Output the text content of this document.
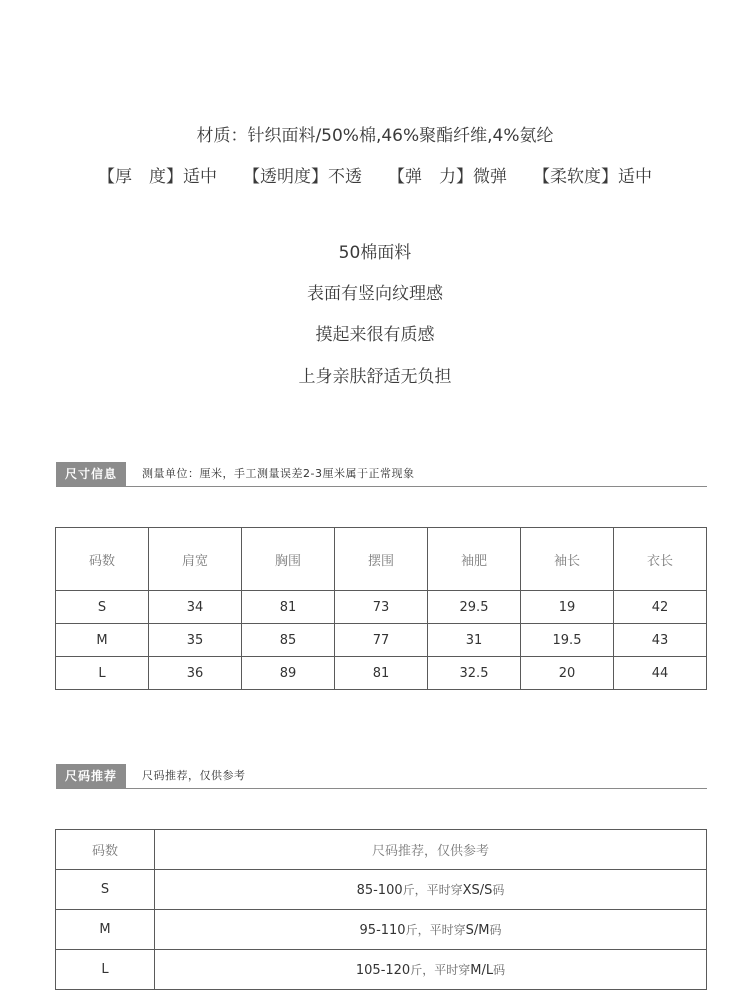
材质：针织面料/50%棉,46%聚酯纤维,4%氨纶
【厚　度】适中 【透明度】不透 【弹　力】微弹 【柔软度】适中
50棉面料
表面有竖向纹理感
摸起来很有质感
上身亲肤舒适无负担
尺寸信息	测量单位：厘米，手工测量误差2-3厘米属于正常现象
码数	肩宽	胸围	摆围	袖肥	袖长	衣长
S	34	81	73	29.5	19	42
M	35	85	77	31	19.5	43
L	36	89	81	32.5	20	44
尺码推荐	尺码推荐，仅供参考
码数	尺码推荐，仅供参考
S	85-100斤，平时穿XS/S码
M	95-110斤，平时穿S/M码
L	105-120斤，平时穿M/L码
